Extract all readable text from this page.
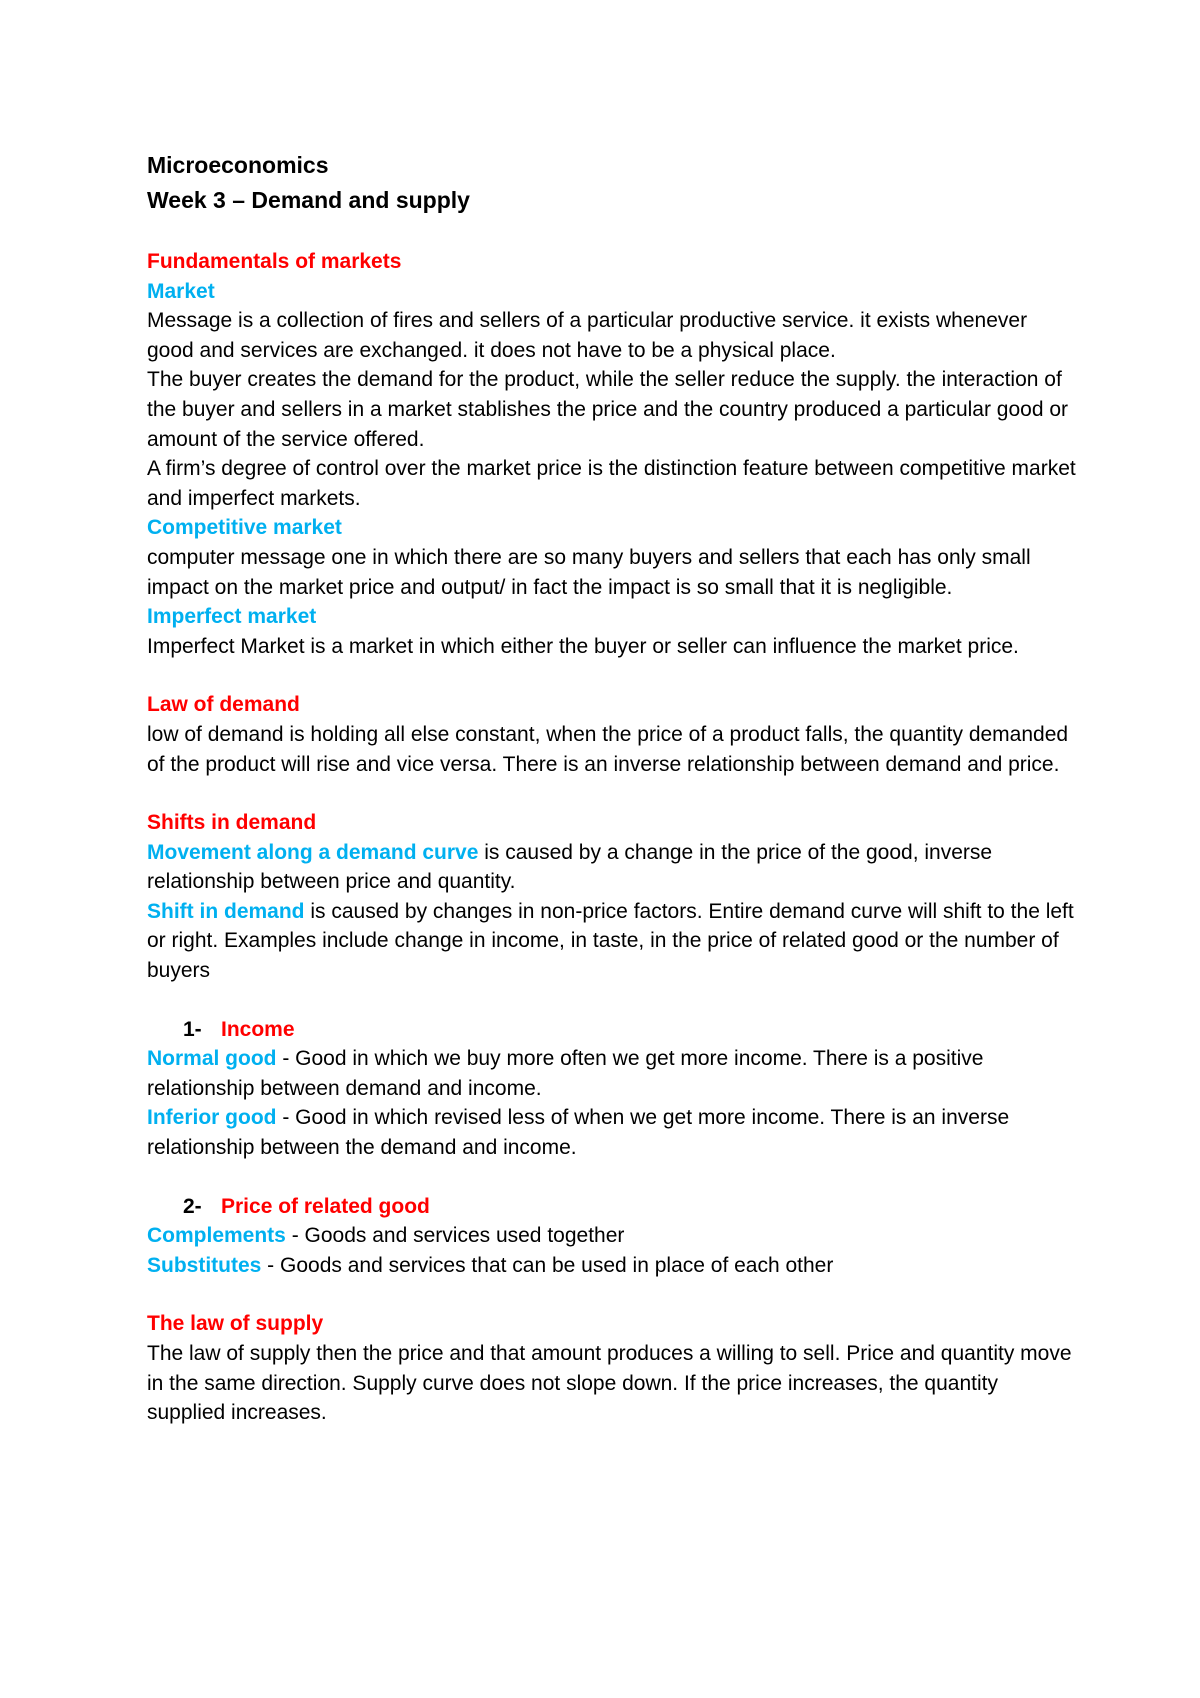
Microeconomics

Week 3 – Demand and supply

Fundamentals of markets

Market

Message is a collection of fires and sellers of a particular productive service. it exists whenever good and services are exchanged. it does not have to be a physical place.

The buyer creates the demand for the product, while the seller reduce the supply. the interaction of the buyer and sellers in a market stablishes the price and the country produced a particular good or amount of the service offered.

A firm’s degree of control over the market price is the distinction feature between competitive market and imperfect markets.

Competitive market

computer message one in which there are so many buyers and sellers that each has only small impact on the market price and output/ in fact the impact is so small that it is negligible.

Imperfect market

Imperfect Market is a market in which either the buyer or seller can influence the market price.

Law of demand

low of demand is holding all else constant, when the price of a product falls, the quantity demanded of the product will rise and vice versa. There is an inverse relationship between demand and price.

Shifts in demand

Movement along a demand curve is caused by a change in the price of the good, inverse relationship between price and quantity.

Shift in demand is caused by changes in non-price factors. Entire demand curve will shift to the left or right. Examples include change in income, in taste, in the price of related good or the number of buyers

1- Income

Normal good - Good in which we buy more often we get more income. There is a positive relationship between demand and income.

Inferior good - Good in which revised less of when we get more income. There is an inverse relationship between the demand and income.

2- Price of related good

Complements - Goods and services used together

Substitutes - Goods and services that can be used in place of each other

The law of supply

The law of supply then the price and that amount produces a willing to sell. Price and quantity move in the same direction. Supply curve does not slope down. If the price increases, the quantity supplied increases.
